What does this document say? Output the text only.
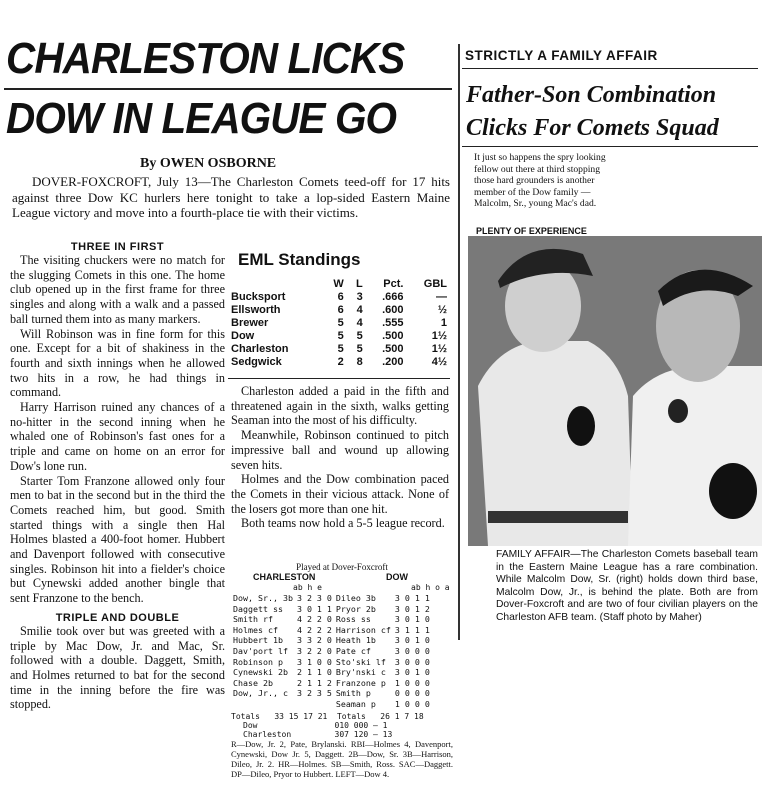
CHARLESTON LICKS
DOW IN LEAGUE GO
By OWEN OSBORNE
DOVER-FOXCROFT, July 13—The Charleston Comets teed-off for 17 hits against three Dow KC hurlers here tonight to take a lop-sided Eastern Maine League victory and move into a fourth-place tie with their victims.
THREE IN FIRST
The visiting chuckers were no match for the slugging Comets in this one. The home club opened up in the first frame for three singles and along with a walk and a passed ball turned them into as many markers.
Will Robinson was in fine form for this one. Except for a bit of shakiness in the fourth and sixth innings when he allowed two hits in a row, he had things in command.
Harry Harrison ruined any chances of a no-hitter in the second inning when he whaled one of Robinson's fast ones for a triple and came on home on an error for Dow's lone run.
Starter Tom Franzone allowed only four men to bat in the second but in the third the Comets reached him, but good. Smith started things with a single then Hal Holmes blasted a 400-foot homer. Hubbert and Davenport followed with consecutive singles. Robinson hit into a fielder's choice but Cynewski added another bingle that sent Franzone to the bench.
TRIPLE AND DOUBLE
Smilie took over but was greeted with a triple by Mac Dow, Jr. and Mac, Sr. followed with a double. Daggett, Smith, and Holmes returned to bat for the second time in the inning before the fire was stopped.
EML Standings
	W	L	Pct.	GBL
Bucksport	6	3	.666	—
Ellsworth	6	4	.600	½
Brewer	5	4	.555	1
Dow	5	5	.500	1½
Charleston	5	5	.500	1½
Sedgwick	2	8	.200	4½
Charleston added a paid in the fifth and threatened again in the sixth, walks getting Seaman into the most of his difficulty.
Meanwhile, Robinson continued to pitch impressive ball and wound up allowing seven hits.
Holmes and the Dow combination paced the Comets in their vicious attack. None of the losers got more than one hit.
Both teams now hold a 5-5 league record.
Played at Dover-Foxcroft
CHARLESTON	DOW
ab h e	ab h o a
Dow, Sr., 3b	3 2 3 0	Dileo 3b	3 0 1 1
Daggett ss	3 0 1 1	Pryor 2b	3 0 1 2
Smith rf	4 2 2 0	Ross ss	3 0 1 0
Holmes cf	4 2 2 2	Harrison cf	3 1 1 1
Hubbert 1b	3 3 2 0	Heath 1b	3 0 1 0
Dav'port lf	3 2 2 0	Pate cf	3 0 0 0
Robinson p	3 1 0 0	Sto'ski lf	3 0 0 0
Cynewski 2b	2 1 1 0	Bry'nski c	3 0 1 0
Chase 2b	2 1 1 2	Franzone p	1 0 0 0
Dow, Jr., c	3 2 3 5	Smith p	0 0 0 0
		Seaman p	1 0 0 0
Totals   33 15 17 21  Totals   26 1 7 18
Dow                010 000 — 1
Charleston         307 120 — 13
R—Dow, Jr. 2, Pate, Brylanski. RBI—Holmes 4, Davenport, Cynewski, Dow Jr. 5, Daggett. 2B—Dow, Sr. 3B—Harrison, Dileo, Jr. 2. HR—Holmes. SB—Smith, Ross. SAC—Daggett. DP—Dileo, Pryor to Hubbert. LEFT—Dow 4.
STRICTLY A FAMILY AFFAIR
Father-Son Combination
Clicks For Comets Squad
It just so happens the spry looking fellow out there at third stopping those hard grounders is another member of the Dow family — Malcolm, Sr., young Mac's dad.
PLENTY OF EXPERIENCE
FAMILY AFFAIR—The Charleston Comets baseball team in the Eastern Maine League has a rare combination. While Malcolm Dow, Sr. (right) holds down third base, Malcolm Dow, Jr., is behind the plate. Both are from Dover-Foxcroft and are two of four civilian players on the Charleston AFB team. (Staff photo by Maher)
